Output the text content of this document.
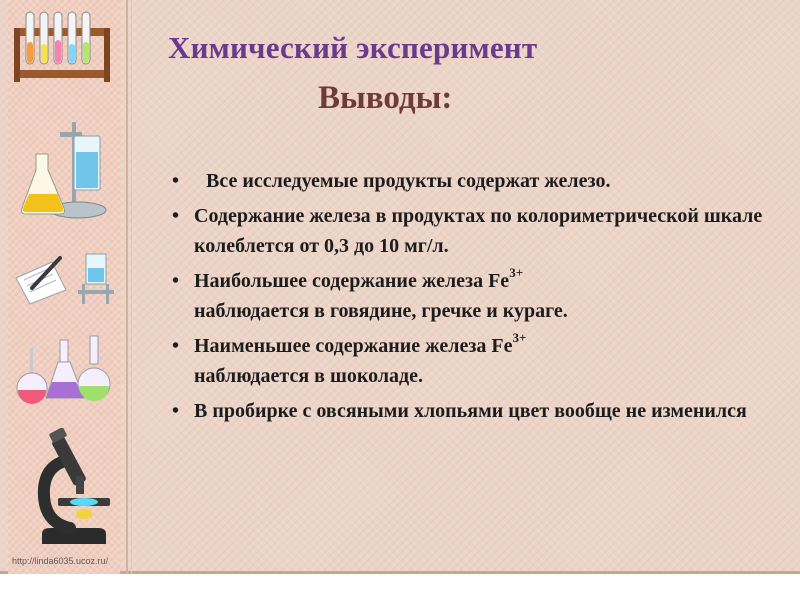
Химический эксперимент
Выводы:
• Все исследуемые продукты содержат железо.
• Содержание железа в продуктах по колориметрической шкале колеблется от 0,3 до 10 мг/л.
• Наибольшее содержание железа $Fe^{3+}$
наблюдается в говядине, гречке и кураге.
• Наименьшее содержание железа $Fe^{3+}$
наблюдается в шоколаде.
• В пробирке с овсяными хлопьями цвет вообще не изменился
http://linda6035.ucoz.ru/
